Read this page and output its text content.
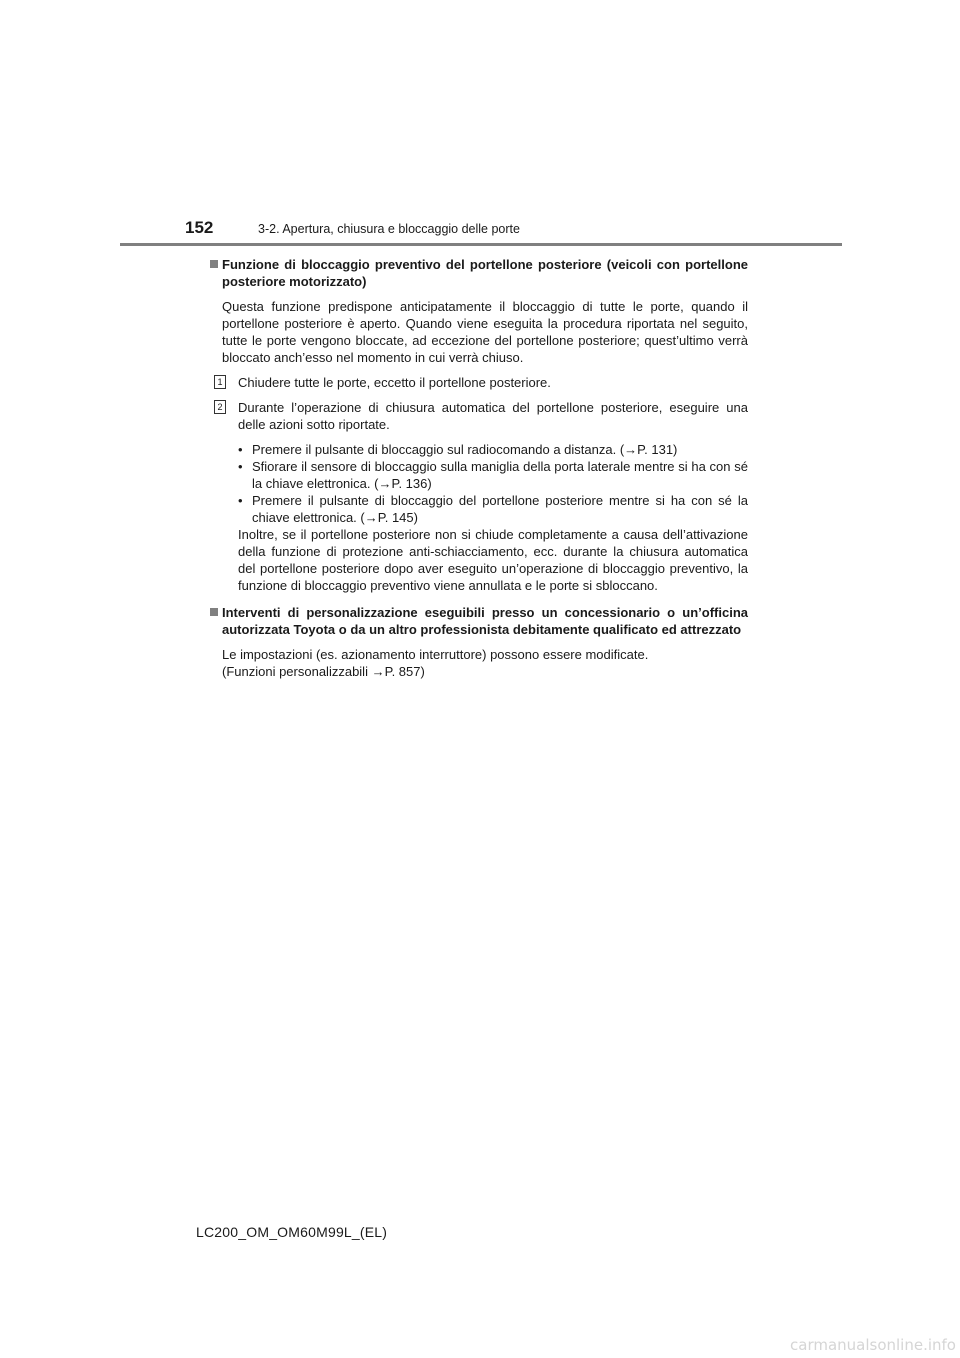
152	3-2. Apertura, chiusura e bloccaggio delle porte
Funzione di bloccaggio preventivo del portellone posteriore (veicoli con portellone posteriore motorizzato)
Questa funzione predispone anticipatamente il bloccaggio di tutte le porte, quando il portellone posteriore è aperto. Quando viene eseguita la procedura riportata nel seguito, tutte le porte vengono bloccate, ad eccezione del portellone posteriore; quest’ultimo verrà bloccato anch’esso nel momento in cui verrà chiuso.
1 Chiudere tutte le porte, eccetto il portellone posteriore.
2 Durante l’operazione di chiusura automatica del portellone posteriore, eseguire una delle azioni sotto riportate.
• Premere il pulsante di bloccaggio sul radiocomando a distanza. (→P. 131)
• Sfiorare il sensore di bloccaggio sulla maniglia della porta laterale mentre si ha con sé la chiave elettronica. (→P. 136)
• Premere il pulsante di bloccaggio del portellone posteriore mentre si ha con sé la chiave elettronica. (→P. 145)
Inoltre, se il portellone posteriore non si chiude completamente a causa dell’attivazione della funzione di protezione anti-schiacciamento, ecc. durante la chiusura automatica del portellone posteriore dopo aver eseguito un’operazione di bloccaggio preventivo, la funzione di bloccaggio preventivo viene annullata e le porte si sbloccano.
Interventi di personalizzazione eseguibili presso un concessionario o un’officina autorizzata Toyota o da un altro professionista debitamente qualificato ed attrezzato
Le impostazioni (es. azionamento interruttore) possono essere modificate.
(Funzioni personalizzabili →P. 857)
LC200_OM_OM60M99L_(EL)
carmanualsonline.info
